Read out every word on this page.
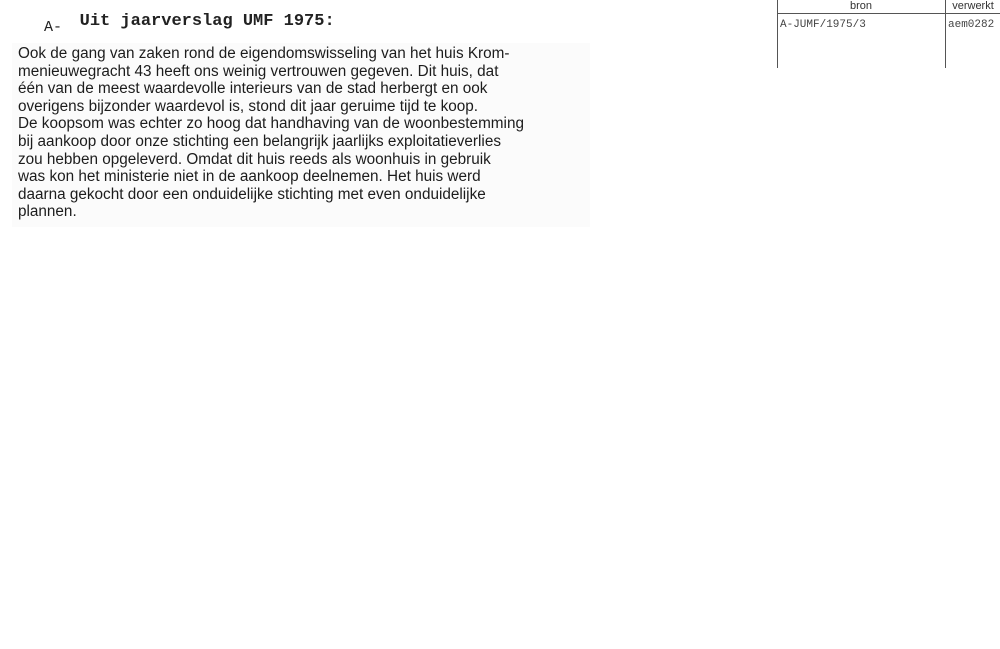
A- Uit jaarverslag UMF 1975:

Ook de gang van zaken rond de eigendomswisseling van het huis Krom-
menieuwegracht 43 heeft ons weinig vertrouwen gegeven. Dit huis, dat
één van de meest waardevolle interieurs van de stad herbergt en ook
overigens bijzonder waardevol is, stond dit jaar geruime tijd te koop.
De koopsom was echter zo hoog dat handhaving van de woonbestemming
bij aankoop door onze stichting een belangrijk jaarlijks exploitatieverlies
zou hebben opgeleverd. Omdat dit huis reeds als woonhuis in gebruik
was kon het ministerie niet in de aankoop deelnemen. Het huis werd
daarna gekocht door een onduidelijke stichting met even onduidelijke
plannen.

bron	verwerkt
A-JUMF/1975/3	aem0282
